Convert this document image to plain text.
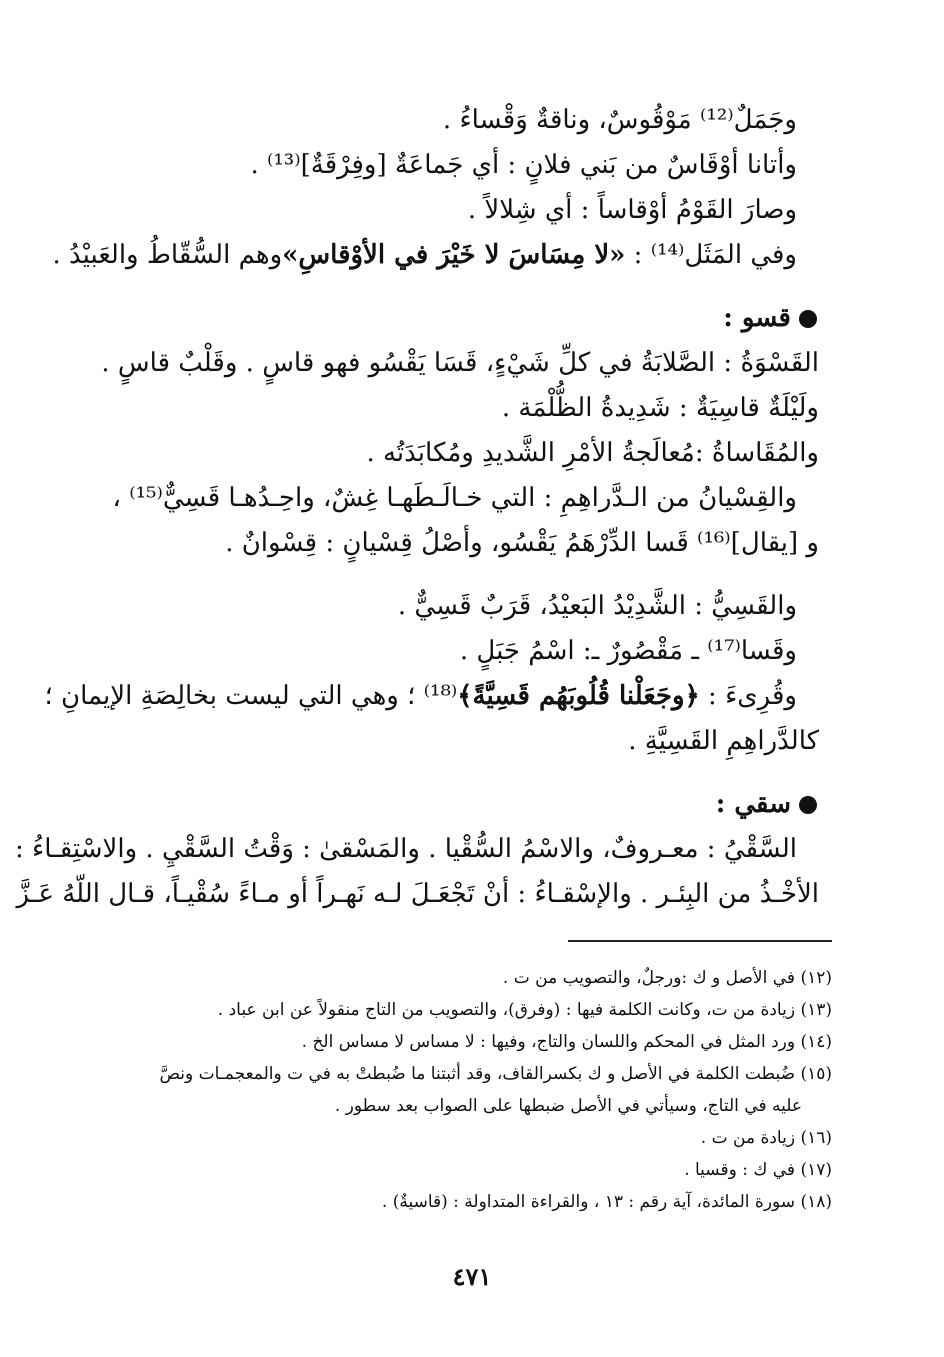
وجَمَلٌ⁽¹²⁾ مَوْقُوسٌ، وناقةٌ وَقْساءُ .
وأتانا أوْقَاسٌ من بَني فلانٍ : أي جَماعَةٌ [وفِرْقَةٌ]⁽¹³⁾ .
وصارَ القَوْمُ أوْقاساً : أي شِلالاً .
وفي المَثَل⁽¹⁴⁾ : «لا مِسَاسَ لا خَيْرَ في الأوْقاسِ»وهم السُّقّاطُ والعَبيْدُ .
قسو :
القَسْوَةُ : الصَّلابَةُ في كلِّ شَيْءٍ، قَسَا يَقْسُو فهو قاسٍ . وقَلْبٌ قاسٍ .
ولَيْلَةٌ قاسِيَةٌ : شَدِيدةُ الظُّلْمَة .
والمُقَاساةُ :مُعالَجةُ الأمْرِ الشَّديدِ ومُكابَدَتُه .
والقِسْيانُ من الـدَّراهِمِ : التي خـالَـطَهـا غِشٌ، واحِـدُهـا قَسِيٌّ⁽¹⁵⁾ ،
و [يقال]⁽¹⁶⁾ قَسا الدِّرْهَمُ يَقْسُو، وأصْلُ قِسْيانٍ : قِسْوانٌ .
والقَسِيُّ : الشَّدِيْدُ البَعيْدُ، قَرَبٌ قَسِيٌّ .
وقَسا⁽¹⁷⁾ ـ مَقْصُورٌ ـ: اسْمُ جَبَلٍ .
وقُرِىءَ : ﴿وجَعَلْنا قُلُوبَهُم قَسِيَّةً﴾⁽¹⁸⁾ ؛ وهي التي ليست بخالِصَةِ الإيمانِ ؛
كالدَّراهِمِ القَسِيَّةِ .
سقي :
السَّقْيُ : معـروفٌ، والاسْمُ السُّقْيا . والمَسْقىٰ : وَقْتُ السَّقْيِ . والاسْتِقـاءُ :
الأخْـذُ من البِئـر . والإسْقـاءُ : أنْ تَجْعَـلَ لـه نَهـراً أو مـاءً سُقْيـاً، قـال اللّهُ عَـزَّ
(١٢) في الأصل و ك :ورجلٌ، والتصويب من ت .
(١٣) زيادة من ت، وكانت الكلمة فيها : (وفرق)، والتصويب من التاج منقولاً عن ابن عباد .
(١٤) ورد المثل في المحكم واللسان والتاج، وفيها : لا مساس لا مساس الخ .
(١٥) ضُبطت الكلمة في الأصل و ك بكسرالقاف، وقد أثبتنا ما ضُبطتْ به في ت والمعجمـات ونصَّ
عليه في التاج، وسيأتي في الأصل ضبطها على الصواب بعد سطور .
(١٦) زيادة من ت .
(١٧) في ك : وقسيا .
(١٨) سورة المائدة، آية رقم : ١٣ ، والقراءة المتداولة : (قاسيةٌ) .
٤٧١
